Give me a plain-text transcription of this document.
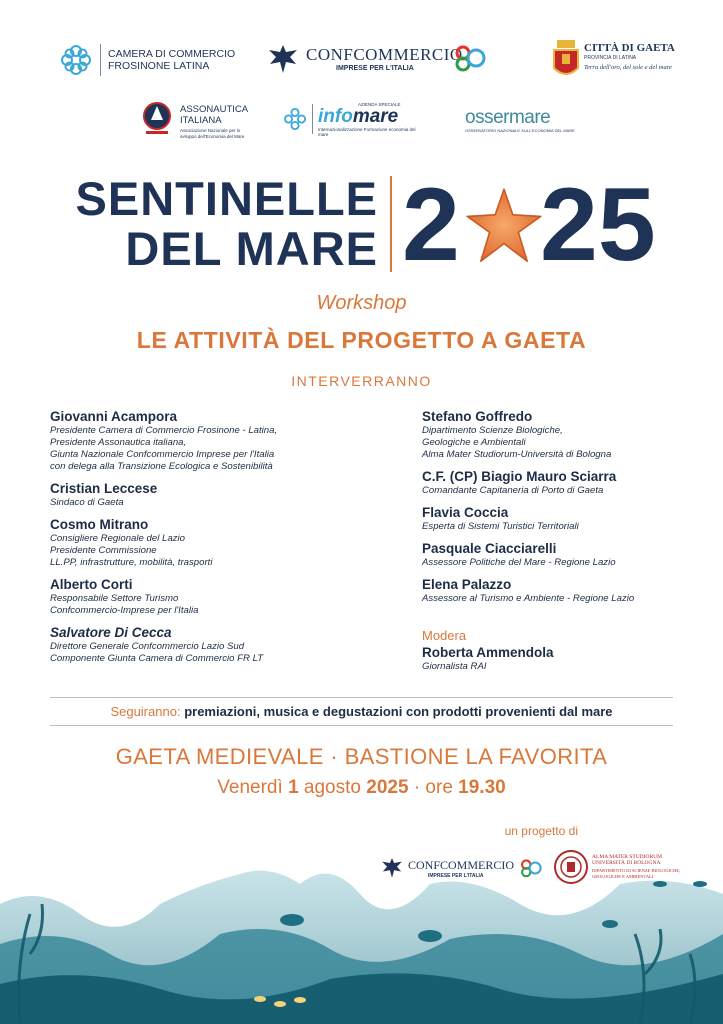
CAMERA DI COMMERCIO
FROSINONE LATINA
CONFCOMMERCIO
IMPRESE PER L'ITALIA
CITTÀ DI GAETA
PROVINCIA DI LATINA
Terra dell'oro, del sole e del mare
ASSONAUTICA
ITALIANA
Associazione Nazionale per lo sviluppo dell'Economia del Mare
AZIENDA SPECIALE
infomare
Internazionalizzazione Formazione economia del mare
ossermare
OSSERVATORIO NAZIONALE SULL'ECONOMIA DEL MARE
SENTINELLE
DEL MARE 2 25
Workshop
LE ATTIVITÀ DEL PROGETTO A GAETA
INTERVERRANNO
Giovanni Acampora
Presidente Camera di Commercio Frosinone - Latina,
Presidente Assonautica italiana,
Giunta Nazionale Confcommercio Imprese per l'Italia
con delega alla Transizione Ecologica e Sostenibilità
Cristian Leccese
Sindaco di Gaeta
Cosmo Mitrano
Consigliere Regionale del Lazio
Presidente Commissione
LL.PP, infrastrutture, mobilità, trasporti
Alberto Corti
Responsabile Settore Turismo
Confcommercio-Imprese per l'Italia
Salvatore Di Cecca
Direttore Generale Confcommercio Lazio Sud
Componente Giunta Camera di Commercio FR LT
Stefano Goffredo
Dipartimento Scienze Biologiche,
Geologiche e Ambientali
Alma Mater Studiorum-Università di Bologna
C.F. (CP) Biagio Mauro Sciarra
Comandante Capitaneria di Porto di Gaeta
Flavia Coccia
Esperta di Sistemi Turistici Territoriali
Pasquale Ciacciarelli
Assessore Politiche del Mare - Regione Lazio
Elena Palazzo
Assessore al Turismo e Ambiente - Regione Lazio
Modera
Roberta Ammendola
Giornalista RAI
Seguiranno: premiazioni, musica e degustazioni con prodotti provenienti dal mare
GAETA MEDIEVALE · BASTIONE LA FAVORITA
Venerdì 1 agosto 2025 · ore 19.30
un progetto di
CONFCOMMERCIO
IMPRESE PER L'ITALIA
ALMA MATER STUDIORUM
UNIVERSITÀ DI BOLOGNA
DIPARTIMENTO DI SCIENZE BIOLOGICHE,
GEOLOGICHE E AMBIENTALI
